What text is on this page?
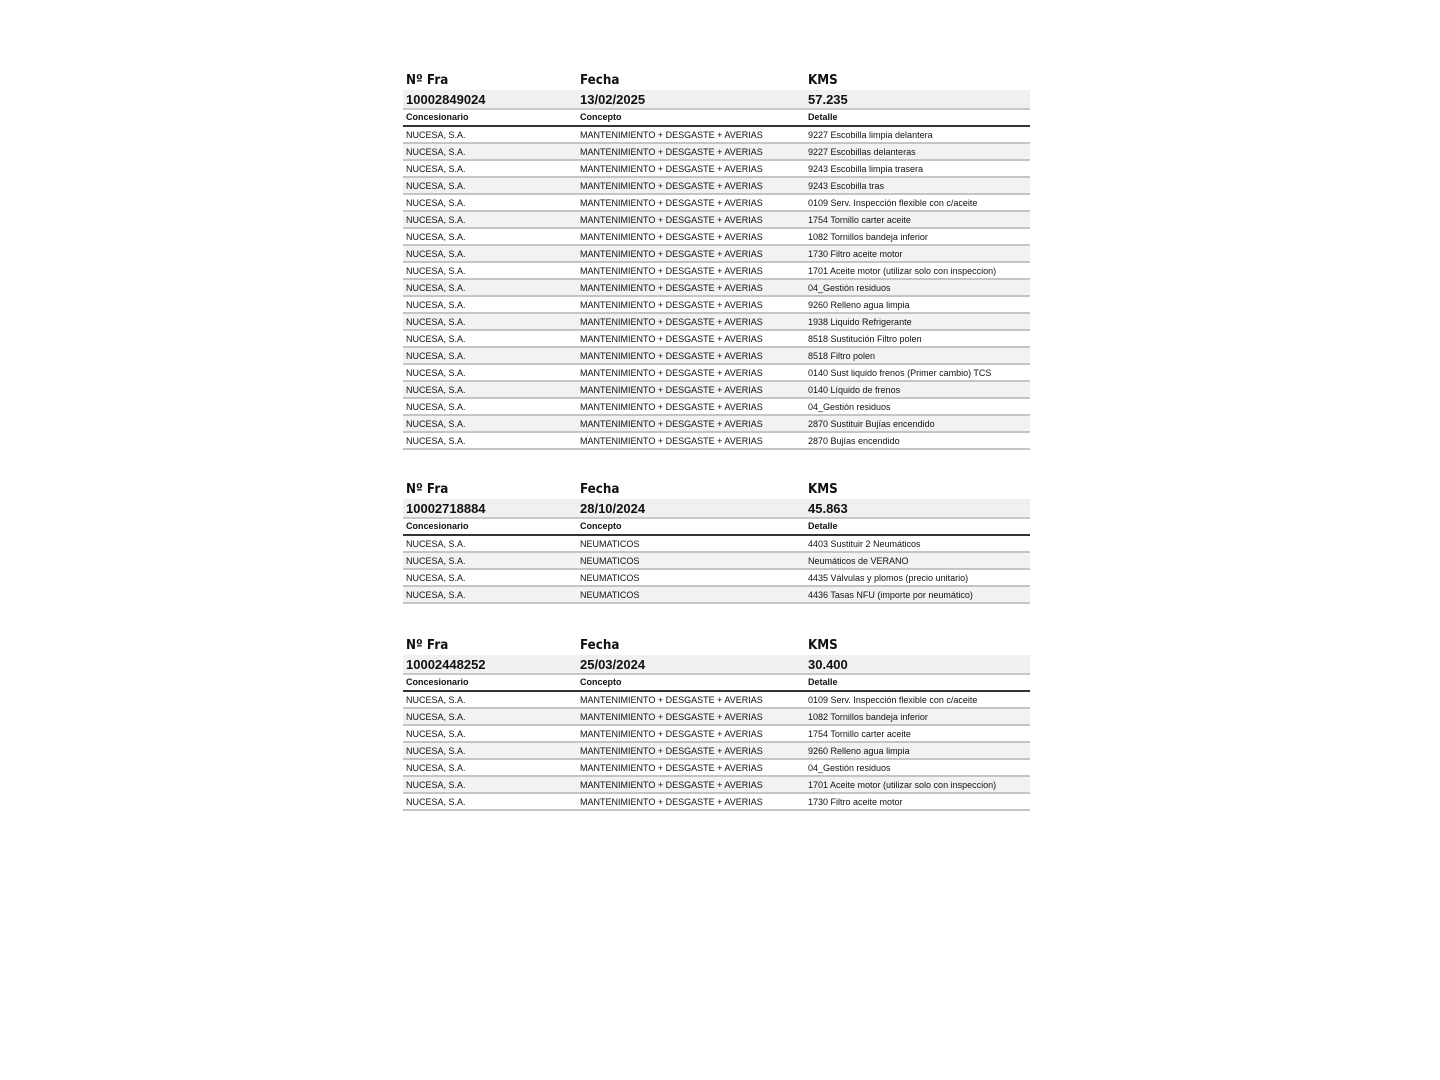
Nº Fra	Fecha	KMS
10002849024	13/02/2025	57.235
Concesionario	Concepto	Detalle
NUCESA, S.A.	MANTENIMIENTO + DESGASTE + AVERIAS	9227 Escobilla limpia delantera
NUCESA, S.A.	MANTENIMIENTO + DESGASTE + AVERIAS	9227 Escobillas delanteras
NUCESA, S.A.	MANTENIMIENTO + DESGASTE + AVERIAS	9243 Escobilla limpia trasera
NUCESA, S.A.	MANTENIMIENTO + DESGASTE + AVERIAS	9243 Escobilla tras
NUCESA, S.A.	MANTENIMIENTO + DESGASTE + AVERIAS	0109 Serv. Inspección flexible con c/aceite
NUCESA, S.A.	MANTENIMIENTO + DESGASTE + AVERIAS	1754 Tornillo carter aceite
NUCESA, S.A.	MANTENIMIENTO + DESGASTE + AVERIAS	1082 Tornillos bandeja inferior
NUCESA, S.A.	MANTENIMIENTO + DESGASTE + AVERIAS	1730 Filtro aceite motor
NUCESA, S.A.	MANTENIMIENTO + DESGASTE + AVERIAS	1701 Aceite motor (utilizar solo con inspeccion)
NUCESA, S.A.	MANTENIMIENTO + DESGASTE + AVERIAS	04_Gestión residuos
NUCESA, S.A.	MANTENIMIENTO + DESGASTE + AVERIAS	9260 Relleno agua limpia
NUCESA, S.A.	MANTENIMIENTO + DESGASTE + AVERIAS	1938 Liquido Refrigerante
NUCESA, S.A.	MANTENIMIENTO + DESGASTE + AVERIAS	8518 Sustitución Filtro polen
NUCESA, S.A.	MANTENIMIENTO + DESGASTE + AVERIAS	8518 Filtro polen
NUCESA, S.A.	MANTENIMIENTO + DESGASTE + AVERIAS	0140 Sust liquido frenos (Primer cambio) TCS
NUCESA, S.A.	MANTENIMIENTO + DESGASTE + AVERIAS	0140 Líquido de frenos
NUCESA, S.A.	MANTENIMIENTO + DESGASTE + AVERIAS	04_Gestión residuos
NUCESA, S.A.	MANTENIMIENTO + DESGASTE + AVERIAS	2870 Sustituir Bujías encendido
NUCESA, S.A.	MANTENIMIENTO + DESGASTE + AVERIAS	2870 Bujías encendido
Nº Fra	Fecha	KMS
10002718884	28/10/2024	45.863
Concesionario	Concepto	Detalle
NUCESA, S.A.	NEUMATICOS	4403 Sustituir 2 Neumáticos
NUCESA, S.A.	NEUMATICOS	Neumáticos de VERANO
NUCESA, S.A.	NEUMATICOS	4435 Válvulas y plomos (precio unitario)
NUCESA, S.A.	NEUMATICOS	4436 Tasas NFU (importe por neumático)
Nº Fra	Fecha	KMS
10002448252	25/03/2024	30.400
Concesionario	Concepto	Detalle
NUCESA, S.A.	MANTENIMIENTO + DESGASTE + AVERIAS	0109 Serv. Inspección flexible con c/aceite
NUCESA, S.A.	MANTENIMIENTO + DESGASTE + AVERIAS	1082 Tornillos bandeja inferior
NUCESA, S.A.	MANTENIMIENTO + DESGASTE + AVERIAS	1754 Tornillo carter aceite
NUCESA, S.A.	MANTENIMIENTO + DESGASTE + AVERIAS	9260 Relleno agua limpia
NUCESA, S.A.	MANTENIMIENTO + DESGASTE + AVERIAS	04_Gestión residuos
NUCESA, S.A.	MANTENIMIENTO + DESGASTE + AVERIAS	1701 Aceite motor (utilizar solo con inspeccion)
NUCESA, S.A.	MANTENIMIENTO + DESGASTE + AVERIAS	1730 Filtro aceite motor
